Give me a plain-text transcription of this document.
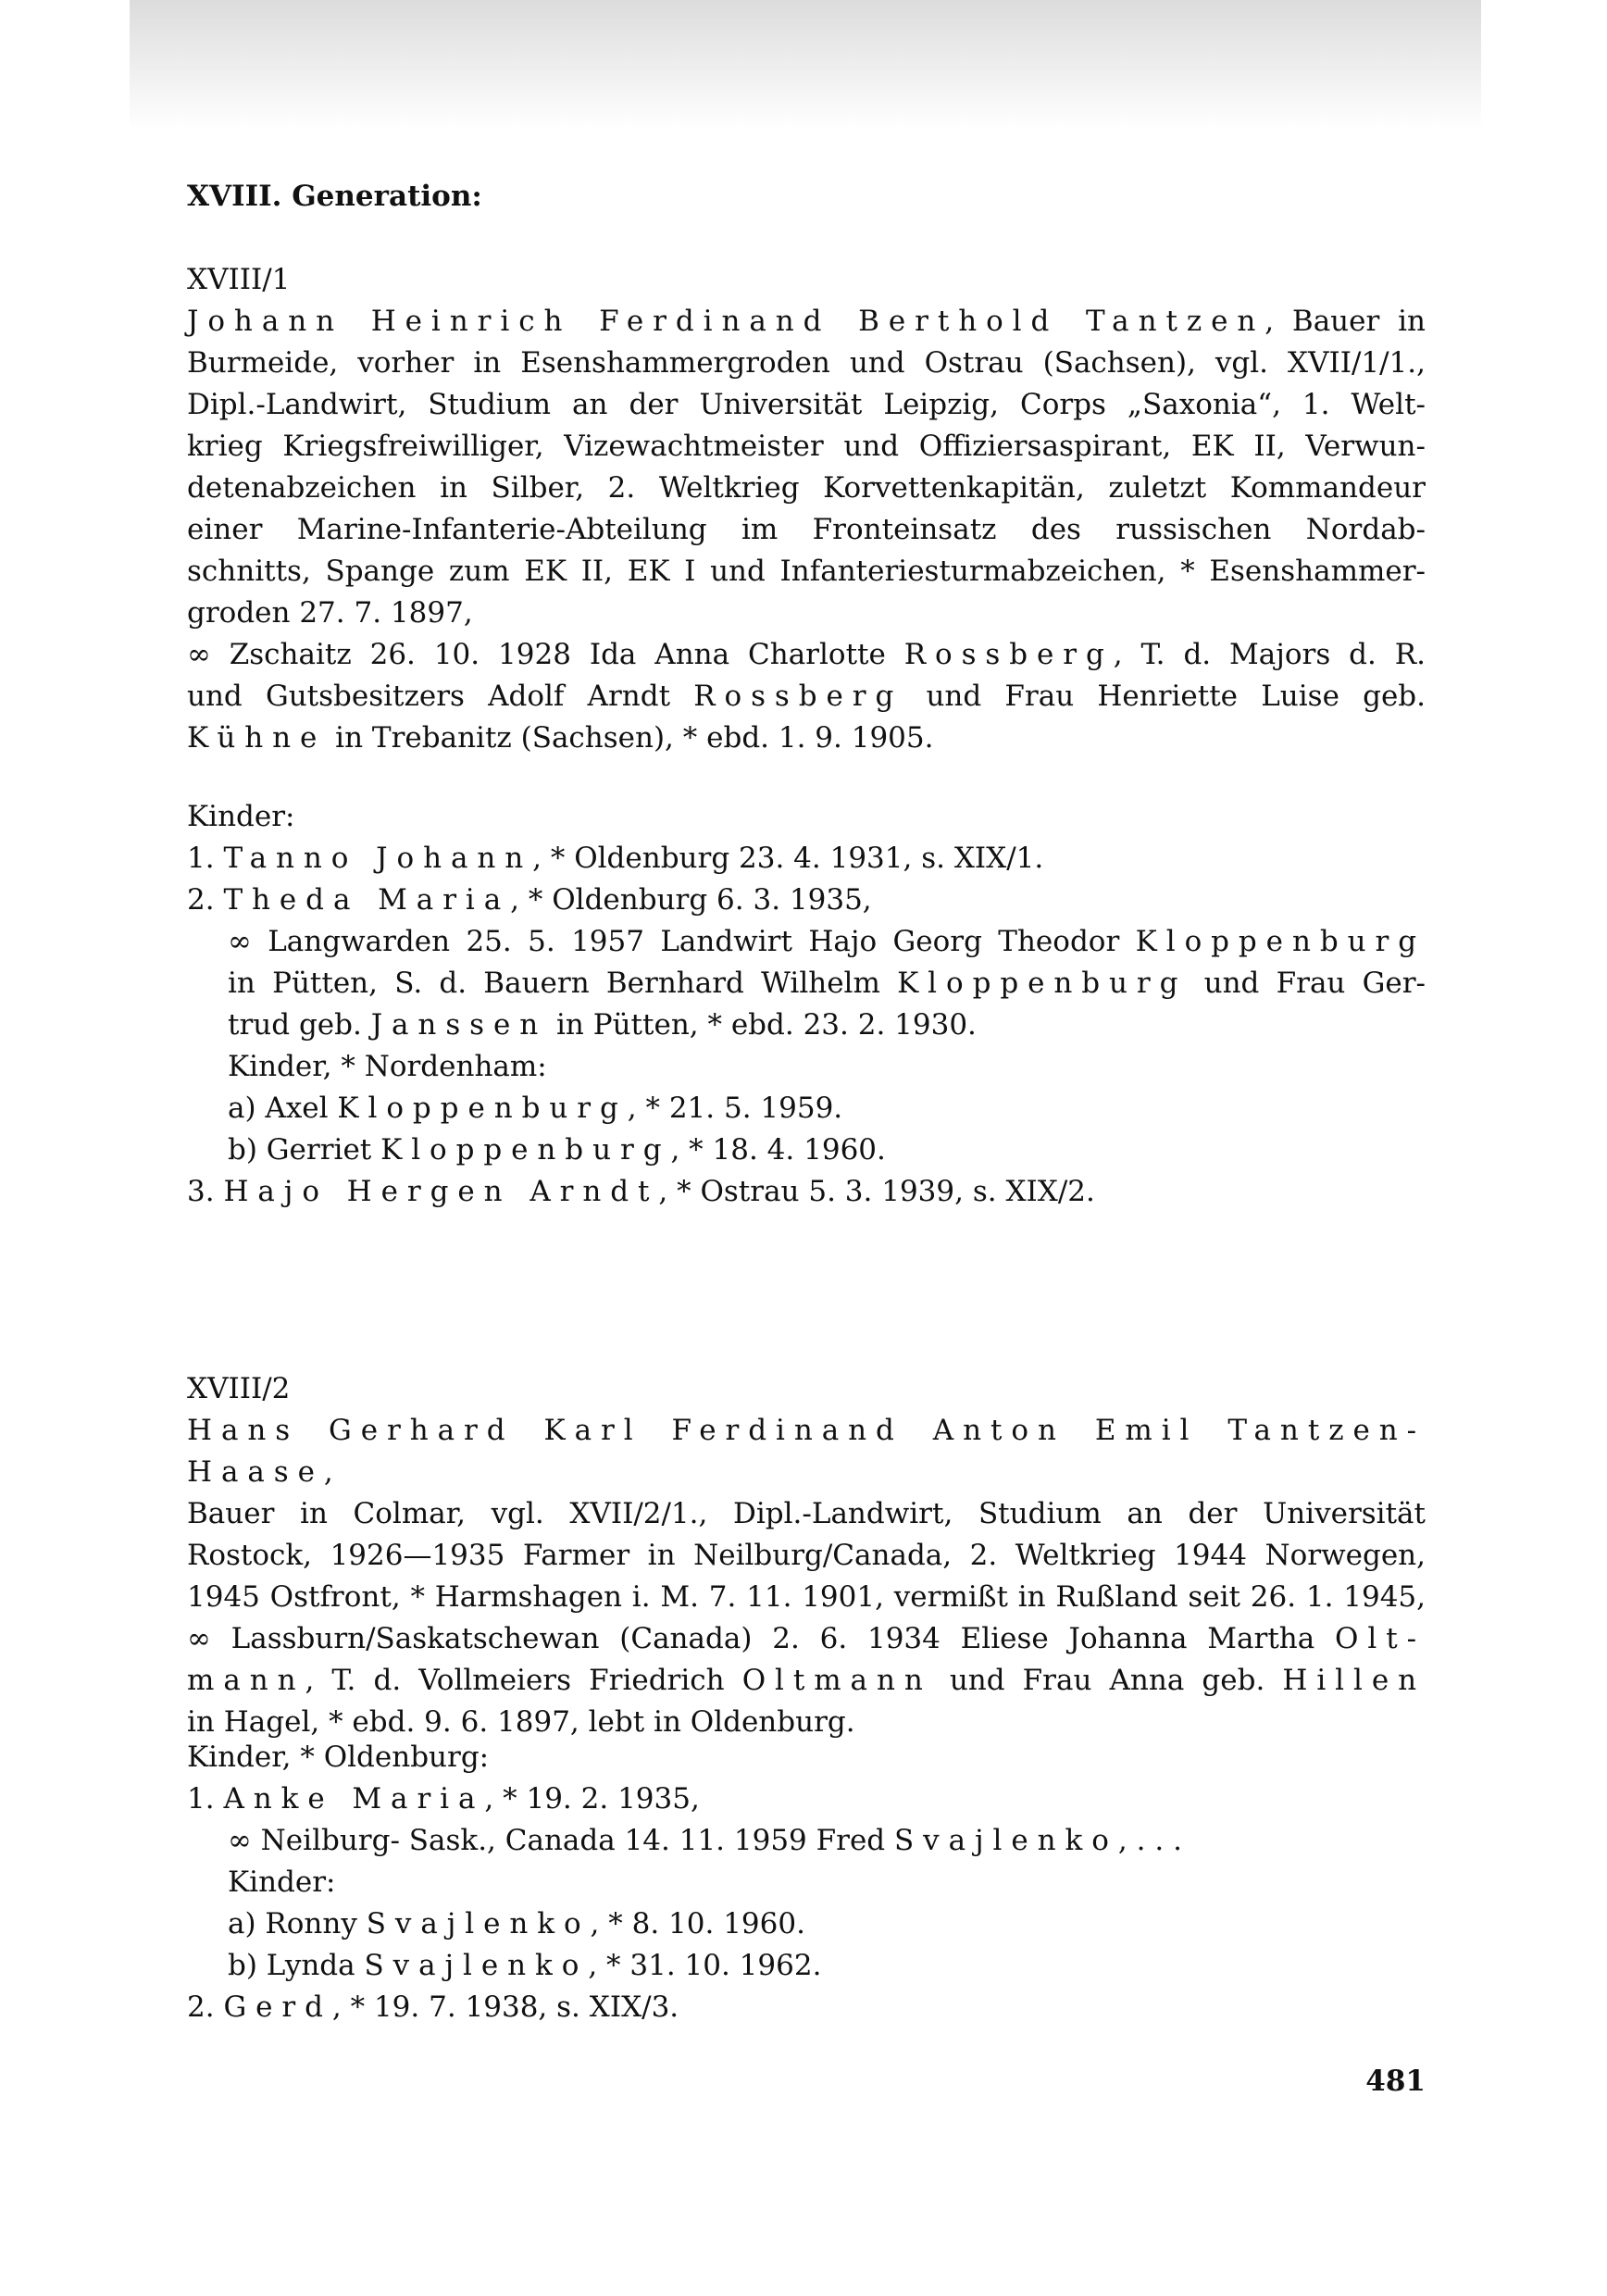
XVIII. Generation:
XVIII/1
Johann Heinrich Ferdinand Berthold Tantzen, Bauer in
Burmeide, vorher in Esenshammergroden und Ostrau (Sachsen), vgl. XVII/1/1.,
Dipl.-Landwirt, Studium an der Universität Leipzig, Corps „Saxonia“, 1. Welt-
krieg Kriegsfreiwilliger, Vizewachtmeister und Offiziersaspirant, EK II, Verwun-
detenabzeichen in Silber, 2. Weltkrieg Korvettenkapitän, zuletzt Kommandeur
einer Marine-Infanterie-Abteilung im Fronteinsatz des russischen Nordab-
schnitts, Spange zum EK II, EK I und Infanteriesturmabzeichen, * Esenshammer-
groden 27. 7. 1897,
∞ Zschaitz 26. 10. 1928 Ida Anna Charlotte Rossberg, T. d. Majors d. R.
und Gutsbesitzers Adolf Arndt Rossberg und Frau Henriette Luise geb.
Kühne in Trebanitz (Sachsen), * ebd. 1. 9. 1905.
Kinder:
1. Tanno Johann, * Oldenburg 23. 4. 1931, s. XIX/1.
2. Theda Maria, * Oldenburg 6. 3. 1935,
∞ Langwarden 25. 5. 1957 Landwirt Hajo Georg Theodor Kloppenburg
in Pütten, S. d. Bauern Bernhard Wilhelm Kloppenburg und Frau Ger-
trud geb. Janssen in Pütten, * ebd. 23. 2. 1930.
Kinder, * Nordenham:
a) Axel Kloppenburg, * 21. 5. 1959.
b) Gerriet Kloppenburg, * 18. 4. 1960.
3. Hajo Hergen Arndt, * Ostrau 5. 3. 1939, s. XIX/2.
XVIII/2
Hans Gerhard Karl Ferdinand Anton Emil Tantzen-Haase,
Bauer in Colmar, vgl. XVII/2/1., Dipl.-Landwirt, Studium an der Universität
Rostock, 1926—1935 Farmer in Neilburg/Canada, 2. Weltkrieg 1944 Norwegen,
1945 Ostfront, * Harmshagen i. M. 7. 11. 1901, vermißt in Rußland seit 26. 1. 1945,
∞ Lassburn/Saskatschewan (Canada) 2. 6. 1934 Eliese Johanna Martha Olt-
mann, T. d. Vollmeiers Friedrich Oltmann und Frau Anna geb. Hillen
in Hagel, * ebd. 9. 6. 1897, lebt in Oldenburg.
Kinder, * Oldenburg:
1. Anke Maria, * 19. 2. 1935,
∞ Neilburg- Sask., Canada 14. 11. 1959 Fred Svajlenko,...
Kinder:
a) Ronny Svajlenko, * 8. 10. 1960.
b) Lynda Svajlenko, * 31. 10. 1962.
2. Gerd, * 19. 7. 1938, s. XIX/3.
481
